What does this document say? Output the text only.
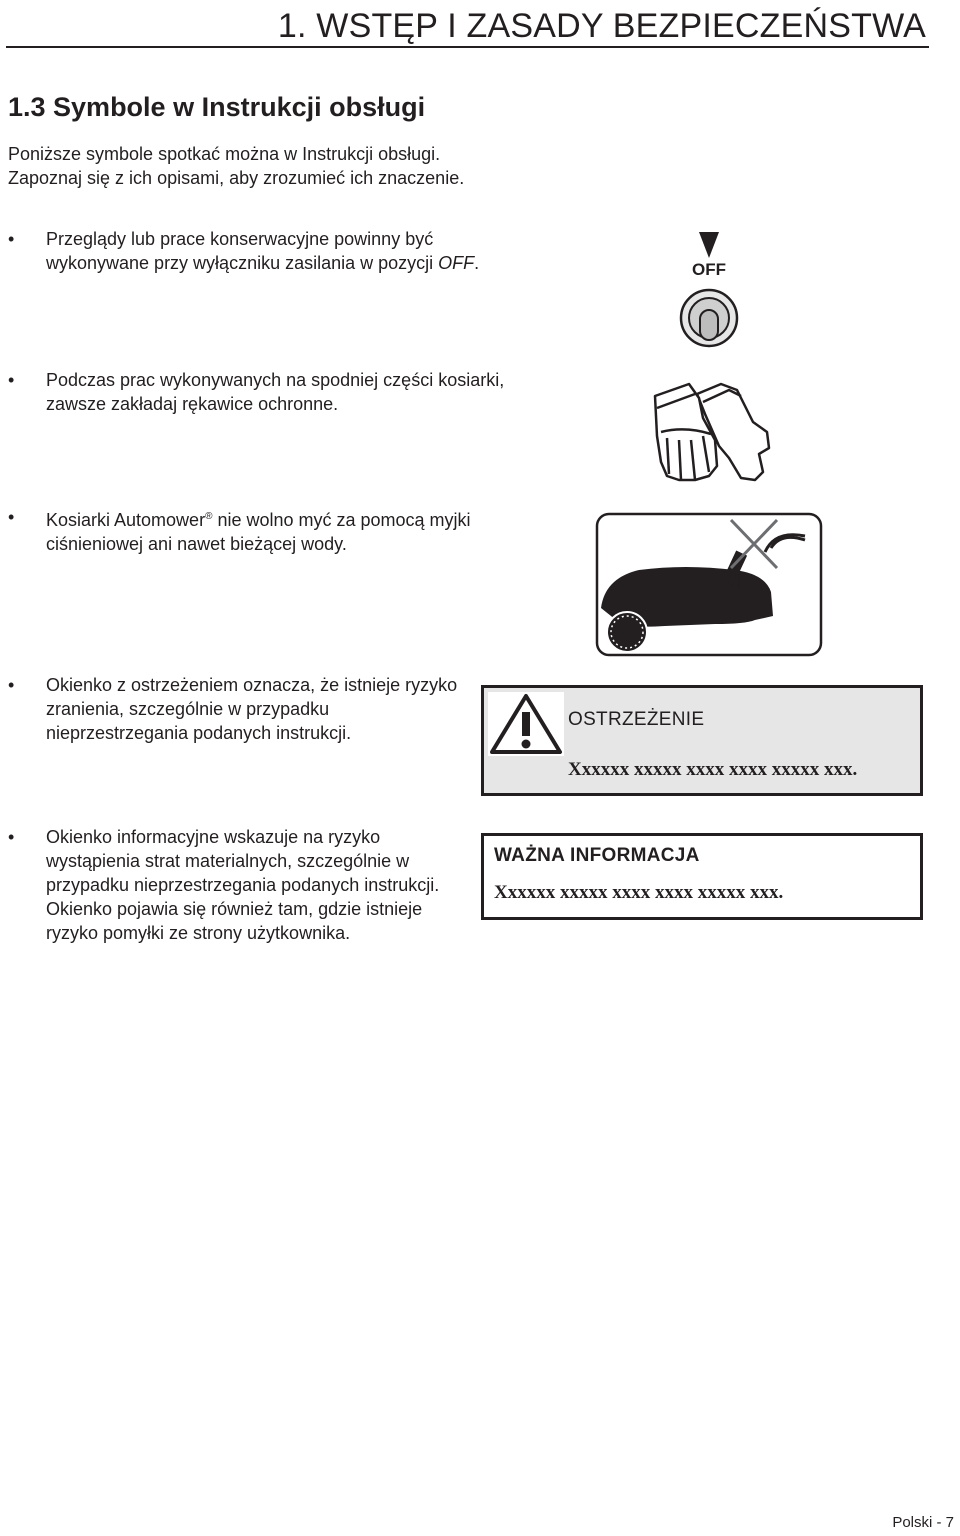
1. WSTĘP I ZASADY BEZPIECZEŃSTWA
1.3 Symbole w Instrukcji obsługi

Poniższe symbole spotkać można w Instrukcji obsługi. Zapoznaj się z ich opisami, aby zrozumieć ich znaczenie.

• Przeglądy lub prace konserwacyjne powinny być wykonywane przy wyłączniku zasilania w pozycji OFF.	OFF

• Podczas prac wykonywanych na spodniej części kosiarki, zawsze zakładaj rękawice ochronne.

• Kosiarki Automower® nie wolno myć za pomocą myjki ciśnieniowej ani nawet bieżącej wody.

• Okienko z ostrzeżeniem oznacza, że istnieje ryzyko zranienia, szczególnie w przypadku nieprzestrzegania podanych instrukcji.

OSTRZEŻENIE
Xxxxxx xxxxx xxxx xxxx xxxxx xxx.

• Okienko informacyjne wskazuje na ryzyko wystąpienia strat materialnych, szczególnie w przypadku nieprzestrzegania podanych instrukcji. Okienko pojawia się również tam, gdzie istnieje ryzyko pomyłki ze strony użytkownika.

WAŻNA INFORMACJA
Xxxxxx xxxxx xxxx xxxx xxxxx xxx.
Polski - 7
